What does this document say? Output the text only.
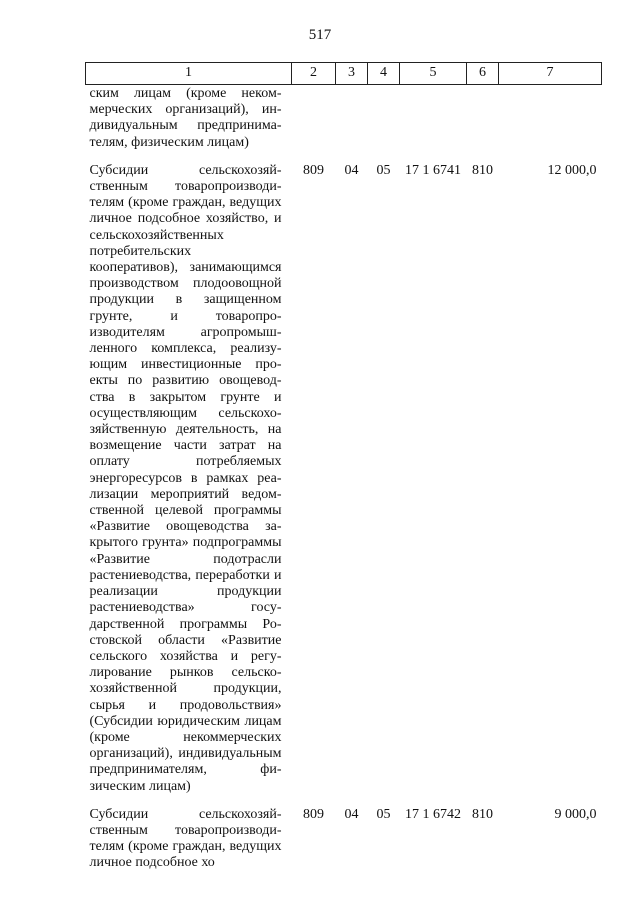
517
1	2	3	4	5	6	7
ским лицам (кроме некоммерческих организаций), индивидуальным предпринимателям, физическим лицам)						

Субсидии сельскохозяйственным товаропроизводителям (кроме граждан, ведущих личное подсобное хозяйство, и сельскохозяйственных потребительских кооперативов), занимающимся производством плодоовощной продукции в защищенном грунте, и товаропроизводителям агропромышленного комплекса, реализующим инвестиционные проекты по развитию овощеводства в закрытом грунте и осуществляющим сельскохозяйственную деятельность, на возмещение части затрат на оплату потребляемых энергоресурсов в рамках реализации мероприятий ведомственной целевой программы «Развитие овощеводства закрытого грунта» подпрограммы «Развитие подотрасли растениеводства, переработки и реализации продукции растениеводства» государственной программы Ростовской области «Развитие сельского хозяйства и регулирование рынков сельскохозяйственной продукции, сырья и продовольствия» (Субсидии юридическим лицам (кроме некоммерческих организаций), индивидуальным предпринимателям, физическим лицам)	809	04	05	17 1 6741	810	12 000,0

Субсидии сельскохозяйственным товаропроизводителям (кроме граждан, ведущих личное подсобное хо	809	04	05	17 1 6742	810	9 000,0
